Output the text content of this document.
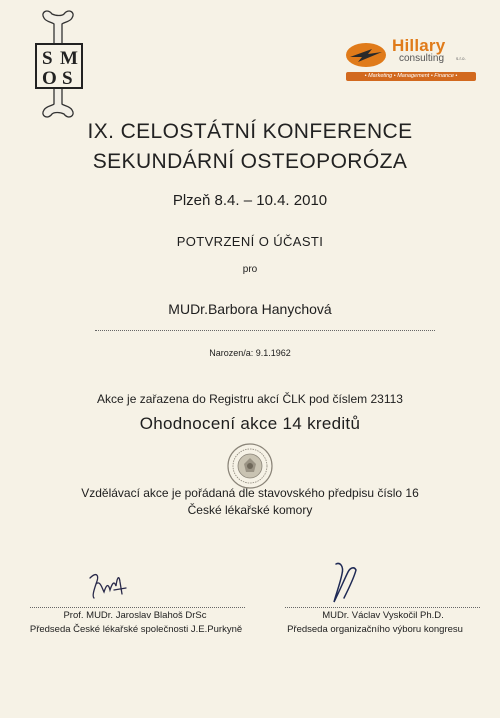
S M
O S
Hillary
consulting	s.r.o.
• Marketing • Management • Finance •
IX. CELOSTÁTNÍ KONFERENCE
SEKUNDÁRNÍ OSTEOPORÓZA
Plzeň 8.4. – 10.4. 2010
POTVRZENÍ O ÚČASTI
pro
MUDr.Barbora Hanychová
Narozen/a: 9.1.1962
Akce je zařazena do Registru akcí ČLK pod číslem 23113
Ohodnocení akce 14 kreditů
Vzdělávací akce je pořádaná dle stavovského předpisu číslo 16
České lékařské komory
Prof. MUDr. Jaroslav Blahoš DrSc
Předseda České lékařské společnosti J.E.Purkyně
MUDr. Václav Vyskočil Ph.D.
Předseda organizačního výboru kongresu
